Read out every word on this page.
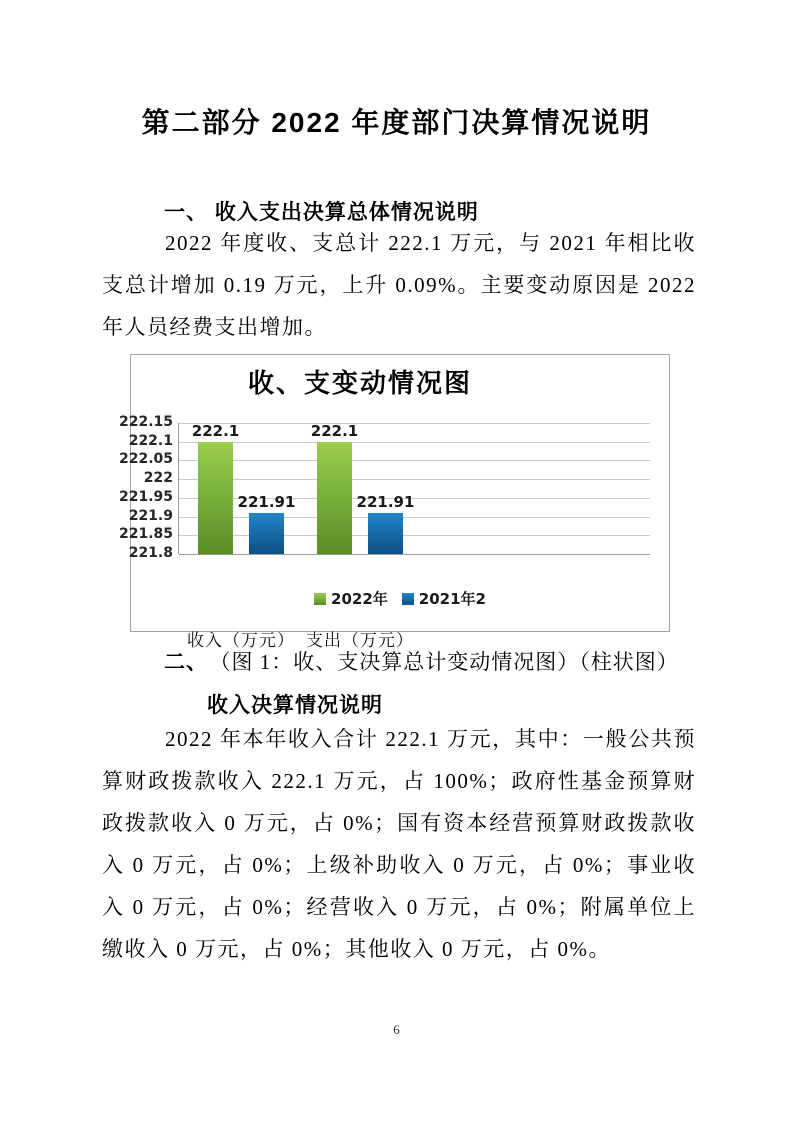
第二部分 2022 年度部门决算情况说明
一、 收入支出决算总体情况说明
2022 年度收、支总计 222.1 万元，与 2021 年相比收支总计增加 0.19 万元，上升 0.09%。主要变动原因是 2022 年人员经费支出增加。
收、支变动情况图
222.15
222.1
222.05
222
221.95
221.9
221.85
221.8
222.1
221.91
收入（万元）
222.1
221.91
支出（万元）
2022年 2021年2
二、 （图 1：收、支决算总计变动情况图）（柱状图）
收入决算情况说明
2022 年本年收入合计 222.1 万元，其中：一般公共预算财政拨款收入 222.1 万元，占 100%；政府性基金预算财政拨款收入 0 万元，占 0%；国有资本经营预算财政拨款收入 0 万元，占 0%；上级补助收入 0 万元，占 0%；事业收入 0 万元，占 0%；经营收入 0 万元，占 0%；附属单位上缴收入 0 万元，占 0%；其他收入 0 万元，占 0%。
6
